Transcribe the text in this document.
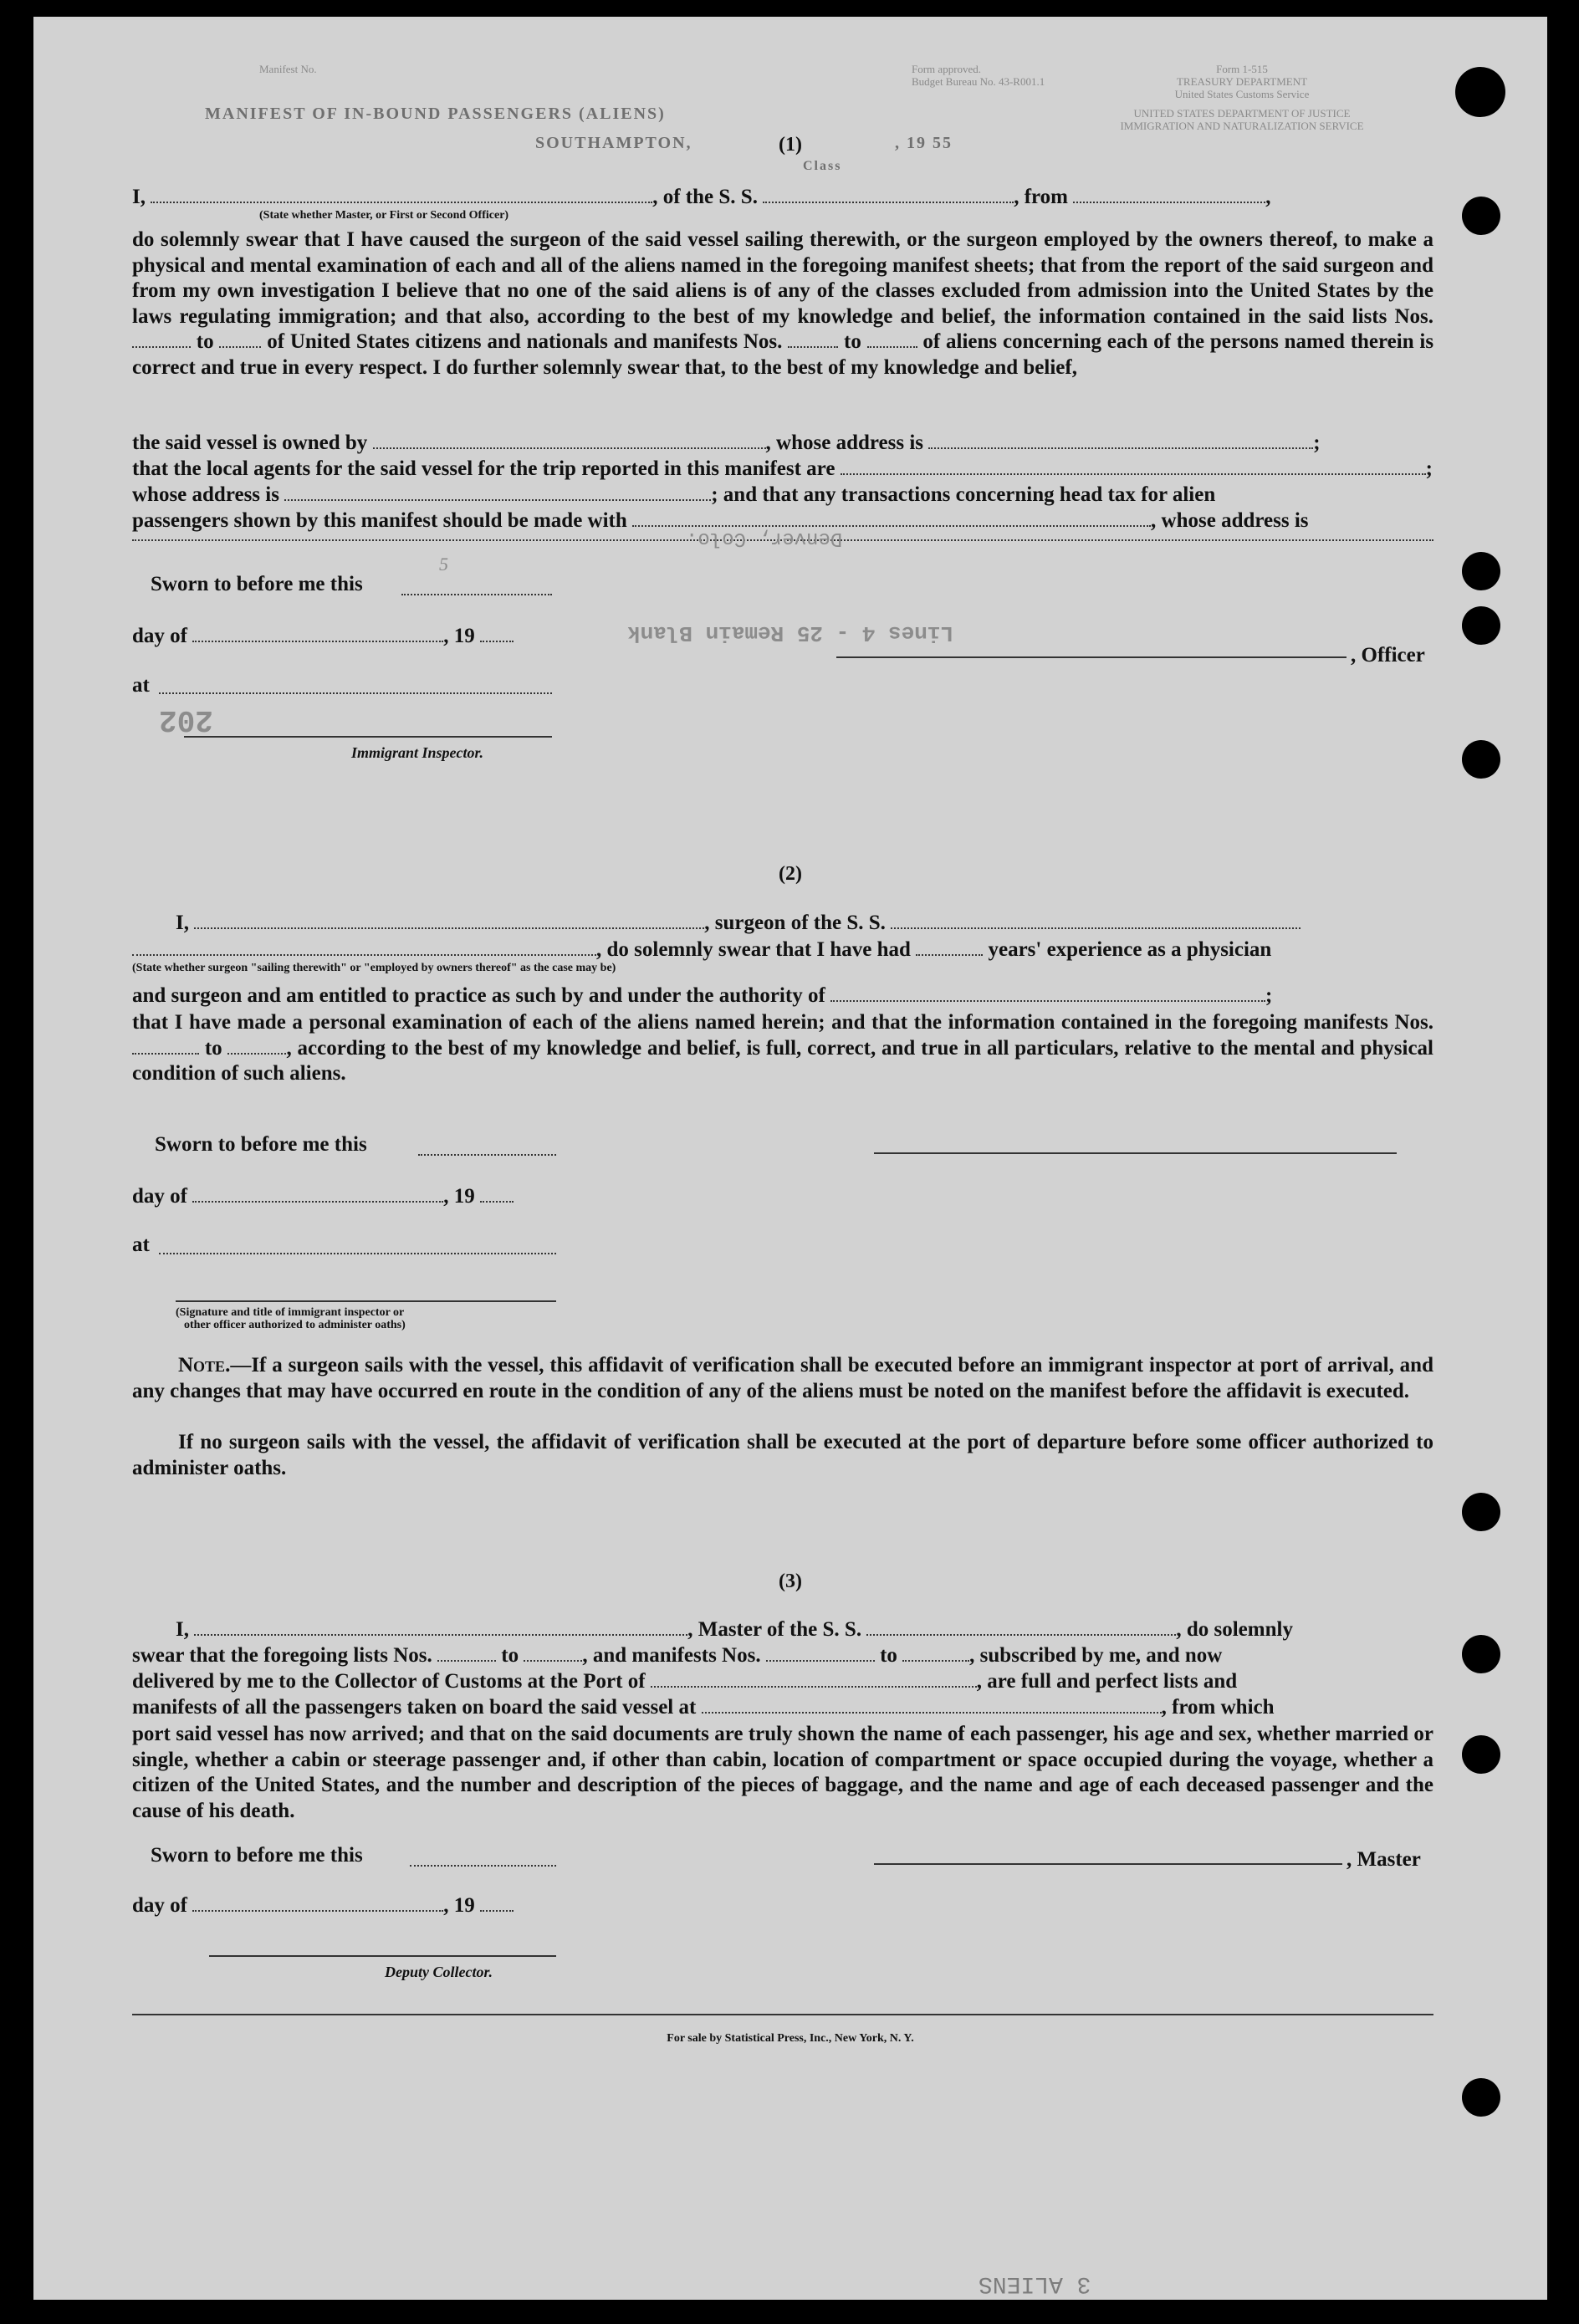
Manifest No.
MANIFEST OF IN-BOUND PASSENGERS (ALIENS)
SOUTHAMPTON,	, 19 55
Class
Form approved.
Budget Bureau No. 43-R001.1
Form 1-515
TREASURY DEPARTMENT
United States Customs Service
UNITED STATES DEPARTMENT OF JUSTICE
IMMIGRATION AND NATURALIZATION SERVICE
(1)
I,	, of the S. S.	, from	,
(State whether Master, or First or Second Officer)
do solemnly swear that I have caused the surgeon of the said vessel sailing therewith, or the surgeon employed by the owners thereof, to make a physical and mental examination of each and all of the aliens named in the foregoing manifest sheets; that from the report of the said surgeon and from my own investigation I believe that no one of the said aliens is of any of the classes excluded from admission into the United States by the laws regulating immigration; and that also, according to the best of my knowledge and belief, the information contained in the said lists Nos.  to	of United States citizens and nationals and manifests Nos.	to	of aliens concerning each of the persons named therein is correct and true in every respect. I do further solemnly swear that, to the best of my knowledge and belief,
the said vessel is owned by	, whose address is	;
that the local agents for the said vessel for the trip reported in this manifest are	;
whose address is	; and that any transactions concerning head tax for alien
passengers shown by this manifest should be made with	, whose address is
Denver, Colo.
Sworn to before me this
5
day of	, 19	Lines 4 - 25 Remain Blank
, Officer
at
202
Immigrant Inspector.
(2)
I,	, surgeon of the S. S.
, do solemnly swear that I have had	years' experience as a physician
(State whether surgeon "sailing therewith" or "employed by owners thereof" as the case may be)
and surgeon and am entitled to practice as such by and under the authority of	;
that I have made a personal examination of each of the aliens named herein; and that the information contained in the foregoing manifests Nos.  to	, according to the best of my knowledge and belief, is full, correct, and true in all particulars, relative to the mental and physical condition of such aliens.
Sworn to before me this
day of	, 19
at
(Signature and title of immigrant inspector or
other officer authorized to administer oaths)
Note.—If a surgeon sails with the vessel, this affidavit of verification shall be executed before an immigrant inspector at port of arrival, and any changes that may have occurred en route in the condition of any of the aliens must be noted on the manifest before the affidavit is executed.
If no surgeon sails with the vessel, the affidavit of verification shall be executed at the port of departure before some officer authorized to administer oaths.
(3)
I,	, Master of the S. S.	, do solemnly
swear that the foregoing lists Nos.	to	, and manifests Nos.	to	, subscribed by me, and now
delivered by me to the Collector of Customs at the Port of	, are full and perfect lists and
manifests of all the passengers taken on board the said vessel at	, from which
port said vessel has now arrived; and that on the said documents are truly shown the name of each passenger, his age and sex, whether married or single, whether a cabin or steerage passenger and, if other than cabin, location of compartment or space occupied during the voyage, whether a citizen of the United States, and the number and description of the pieces of baggage, and the name and age of each deceased passenger and the cause of his death.
Sworn to before me this	, Master
day of	, 19
Deputy Collector.
For sale by Statistical Press, Inc., New York, N. Y.
3 ALIENS
